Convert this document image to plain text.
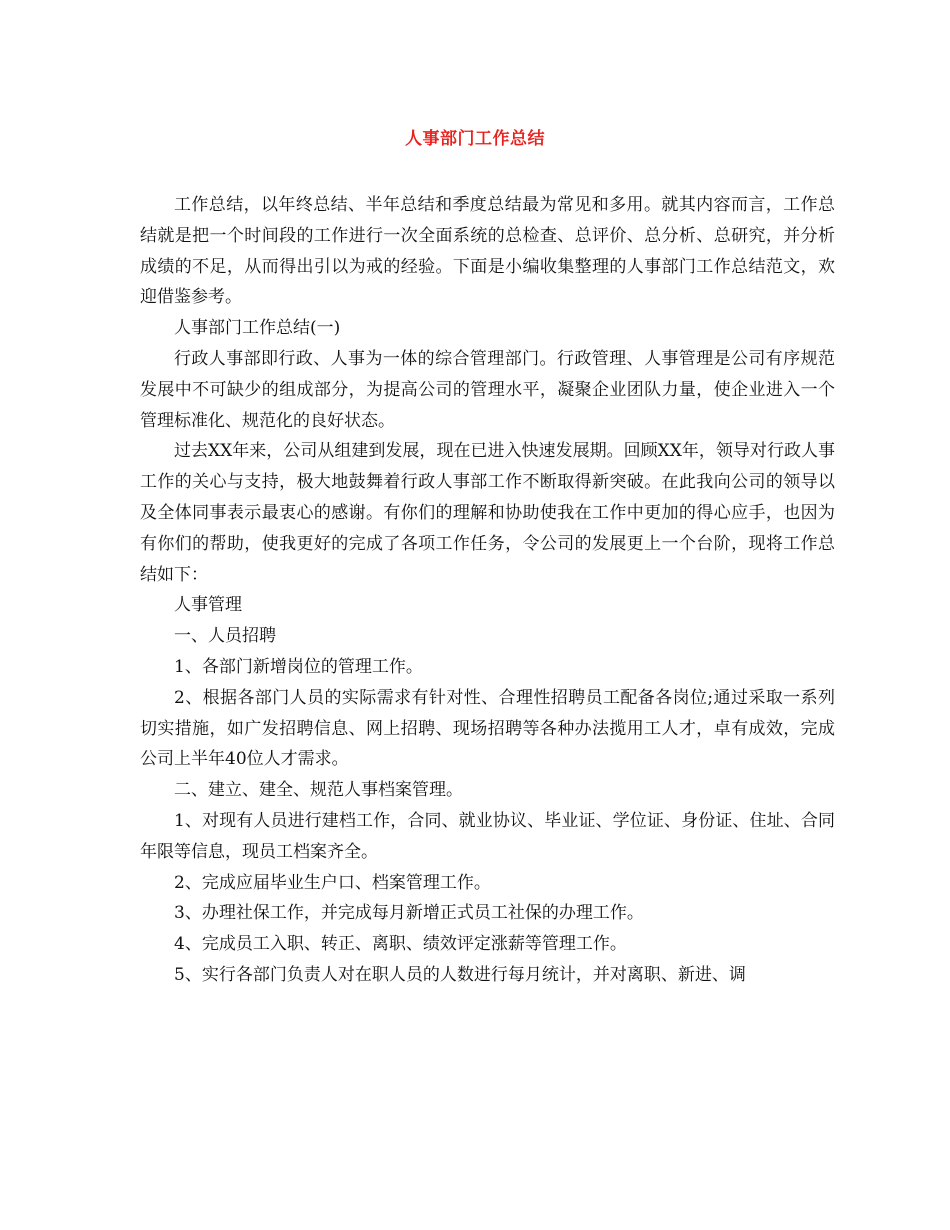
人事部门工作总结

工作总结，以年终总结、半年总结和季度总结最为常见和多用。就其内容而言，工作总结就是把一个时间段的工作进行一次全面系统的总检查、总评价、总分析、总研究，并分析成绩的不足，从而得出引以为戒的经验。下面是小编收集整理的人事部门工作总结范文，欢迎借鉴参考。

人事部门工作总结(一)

行政人事部即行政、人事为一体的综合管理部门。行政管理、人事管理是公司有序规范发展中不可缺少的组成部分，为提高公司的管理水平，凝聚企业团队力量，使企业进入一个管理标准化、规范化的良好状态。

过去XX年来，公司从组建到发展，现在已进入快速发展期。回顾XX年，领导对行政人事工作的关心与支持，极大地鼓舞着行政人事部工作不断取得新突破。在此我向公司的领导以及全体同事表示最衷心的感谢。有你们的理解和协助使我在工作中更加的得心应手，也因为有你们的帮助，使我更好的完成了各项工作任务，令公司的发展更上一个台阶，现将工作总结如下：

人事管理

一、人员招聘

1、各部门新增岗位的管理工作。

2、根据各部门人员的实际需求有针对性、合理性招聘员工配备各岗位;通过采取一系列切实措施，如广发招聘信息、网上招聘、现场招聘等各种办法揽用工人才，卓有成效，完成公司上半年40位人才需求。

二、建立、建全、规范人事档案管理。

1、对现有人员进行建档工作，合同、就业协议、毕业证、学位证、身份证、住址、合同年限等信息，现员工档案齐全。

2、完成应届毕业生户口、档案管理工作。

3、办理社保工作，并完成每月新增正式员工社保的办理工作。

4、完成员工入职、转正、离职、绩效评定涨薪等管理工作。

5、实行各部门负责人对在职人员的人数进行每月统计，并对离职、新进、调
